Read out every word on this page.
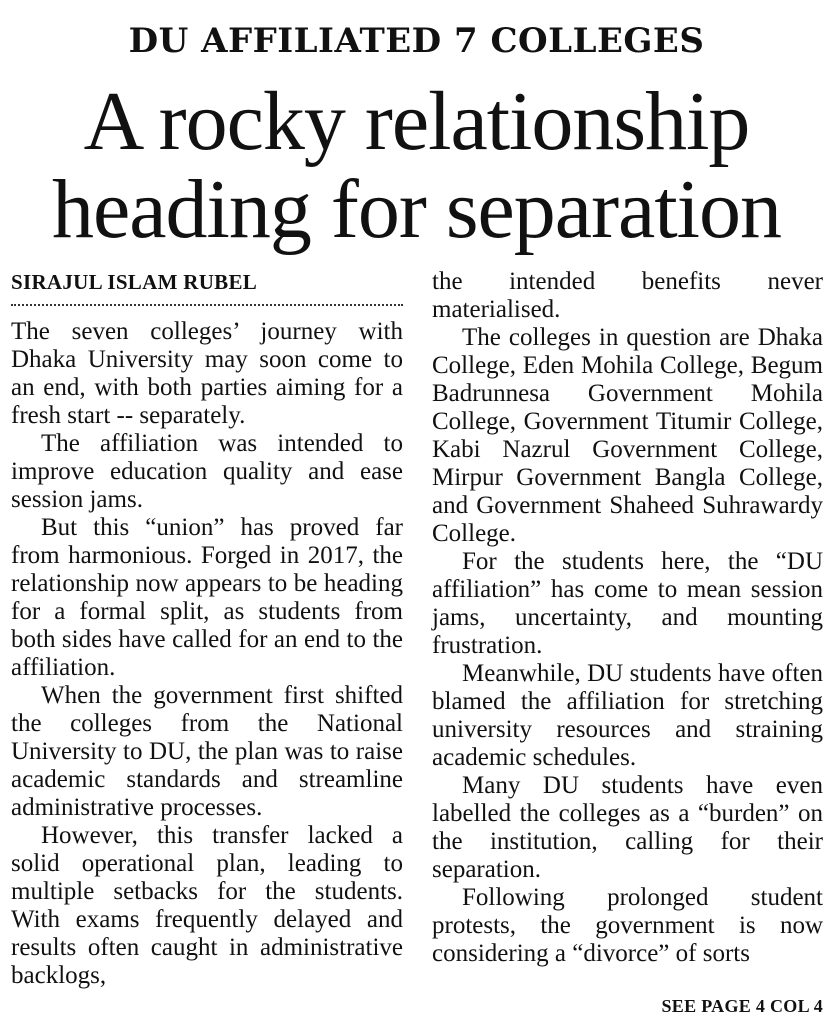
DU AFFILIATED 7 COLLEGES
A rocky relationship heading for separation
SIRAJUL ISLAM RUBEL

The seven colleges’ journey with Dhaka University may soon come to an end, with both parties aiming for a fresh start -- separately.

The affiliation was intended to improve education quality and ease session jams.

But this “union” has proved far from harmonious. Forged in 2017, the relationship now appears to be heading for a formal split, as students from both sides have called for an end to the affiliation.

When the government first shifted the colleges from the National University to DU, the plan was to raise academic standards and streamline administrative processes.

However, this transfer lacked a solid operational plan, leading to multiple setbacks for the students. With exams frequently delayed and results often caught in administrative backlogs,

the intended benefits never materialised.

The colleges in question are Dhaka College, Eden Mohila College, Begum Badrunnesa Government Mohila College, Government Titumir College, Kabi Nazrul Government College, Mirpur Government Bangla College, and Government Shaheed Suhrawardy College.

For the students here, the “DU affiliation” has come to mean session jams, uncertainty, and mounting frustration.

Meanwhile, DU students have often blamed the affiliation for stretching university resources and straining academic schedules.

Many DU students have even labelled the colleges as a “burden” on the institution, calling for their separation.

Following prolonged student protests, the government is now considering a “divorce” of sorts

SEE PAGE 4 COL 4
